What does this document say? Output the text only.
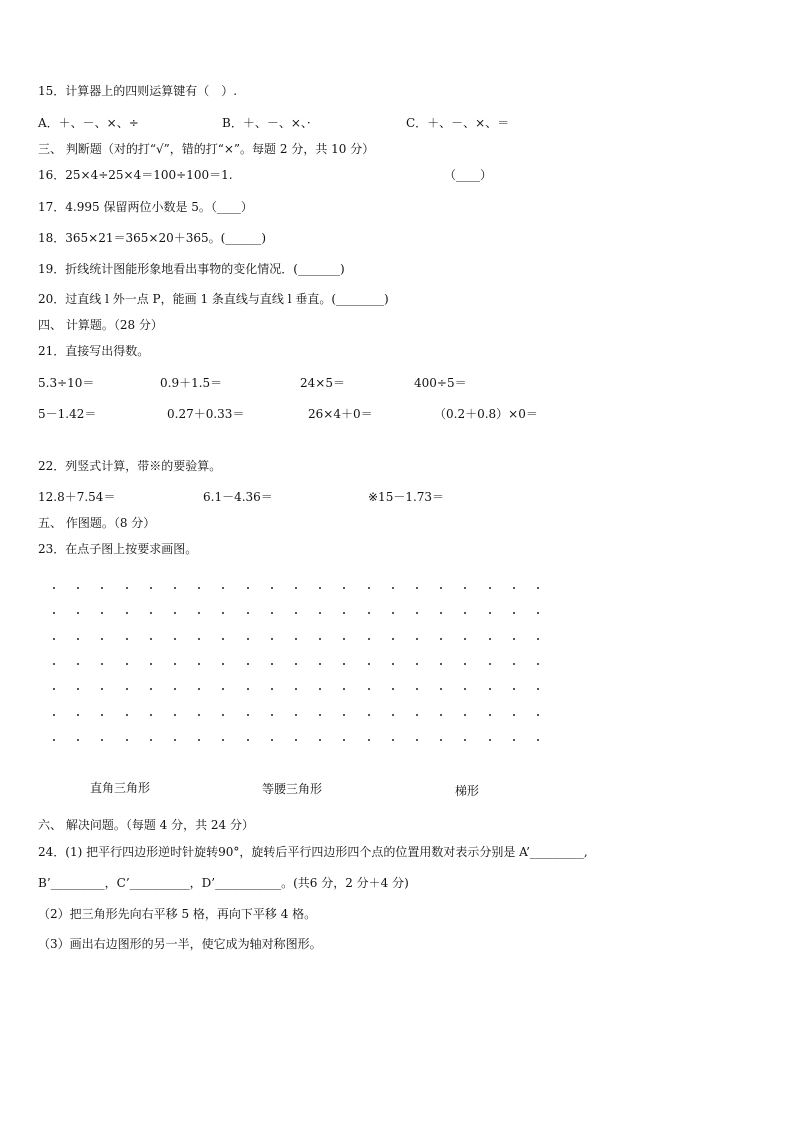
15．计算器上的四则运算键有（　）.
A．＋、－、×、÷	B．＋、－、×、·	C．＋、－、×、＝
三、 判断题（对的打“√”，错的打“×”。每题 2 分，共 10 分）
16．25×4÷25×4＝100÷100＝1.	（____）
17．4.995 保留两位小数是 5。（____）
18．365×21＝365×20＋365。(______)
19．折线统计图能形象地看出事物的变化情况．(_______)
20．过直线 l 外一点 P，能画 1 条直线与直线 l 垂直。(________)
四、 计算题。（28 分）
21．直接写出得数。
5.3÷10＝	0.9＋1.5＝	24×5＝	400÷5＝
5－1.42＝	0.27＋0.33＝	26×4＋0＝	（0.2＋0.8）×0＝
22．列竖式计算，带※的要验算。
12.8＋7.54＝	6.1－4.36＝	※15－1.73＝
五、 作图题。（8 分）
23．在点子图上按要求画图。
直角三角形	等腰三角形	梯形
六、 解决问题。（每题 4 分，共 24 分）
24．(1) 把平行四边形逆时针旋转90°，旋转后平行四边形四个点的位置用数对表示分别是 A’_________,
B’_________，C’__________，D’___________。(共6 分，2 分＋4 分)
（2）把三角形先向右平移 5 格，再向下平移 4 格。
（3）画出右边图形的另一半，使它成为轴对称图形。
